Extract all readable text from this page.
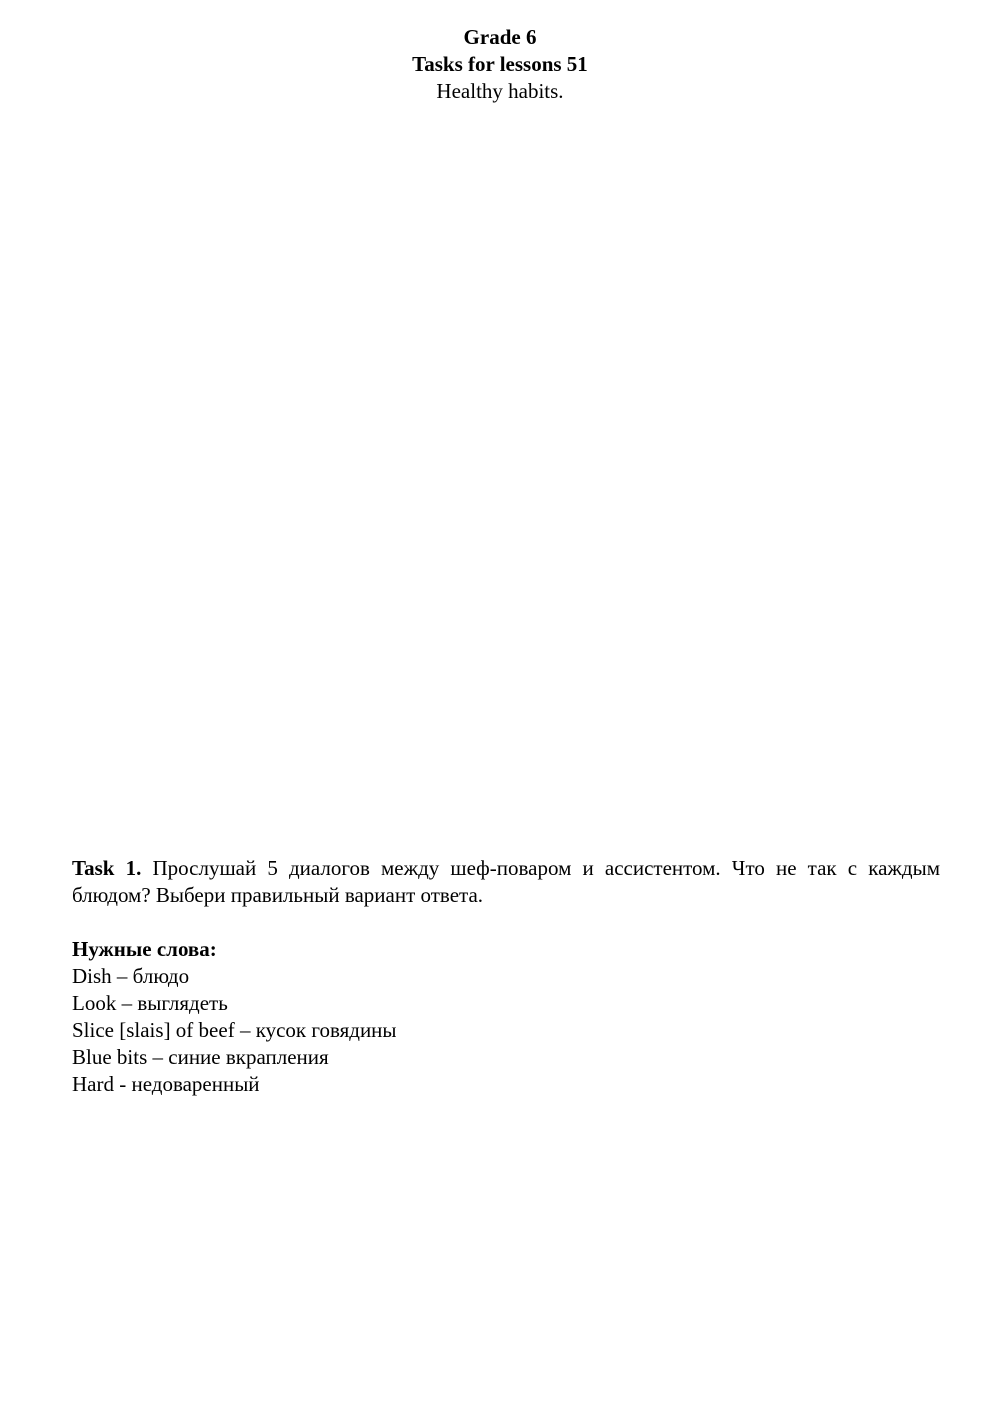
Grade 6
Tasks for lessons 51
Healthy habits.

Task 1. Прослушай 5 диалогов между шеф-поваром и ассистентом. Что не так с каждым блюдом? Выбери правильный вариант ответа.

Нужные слова:
Dish – блюдо
Look – выглядеть
Slice [slais] of beef – кусок говядины
Blue bits – синие вкрапления
Hard - недоваренный
